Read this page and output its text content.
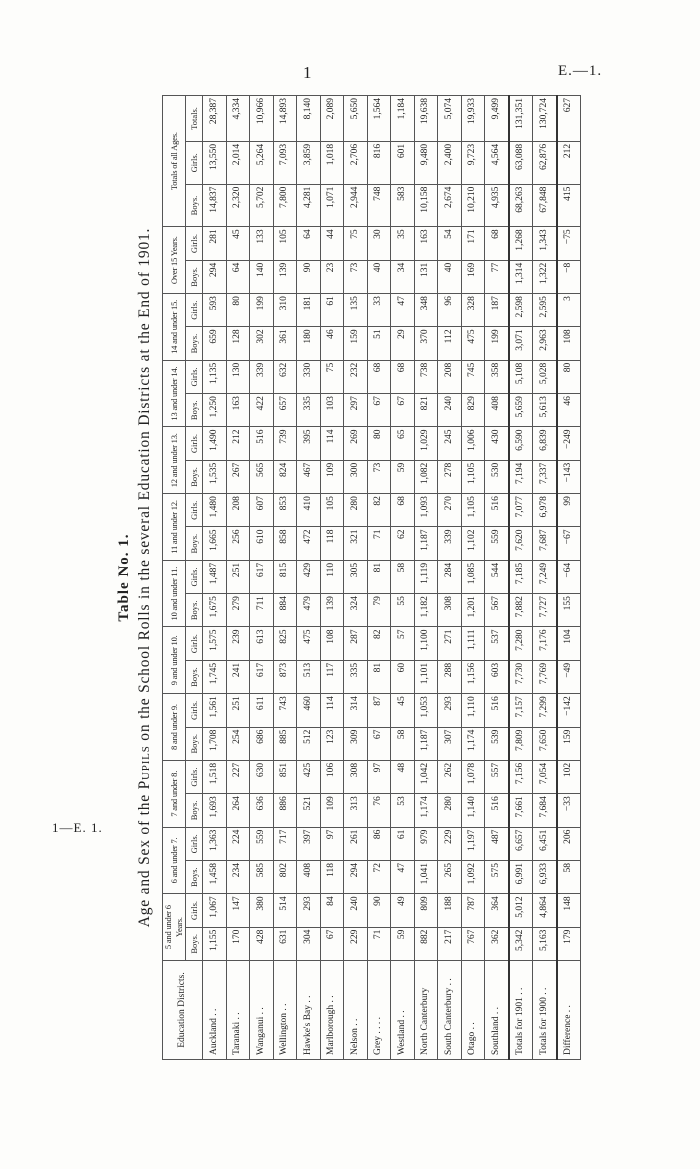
1	E.—1.
1—E. 1.
Table No. 1.
Age and Sex of the Pupils on the School Rolls in the several Education Districts at the End of 1901.
Education Districts.	5 and under 6 Years.		6 and under 7.		7 and under 8.		8 and under 9.		9 and under 10.		10 and under 11.		11 and under 12.		12 and under 13.		13 and under 14.		14 and under 15.		Over 15 Years.		Totals of all Ages.		
	Boys.	Girls.	Boys.	Girls.	Boys.	Girls.	Boys.	Girls.	Boys.	Girls.	Boys.	Girls.	Boys.	Girls.	Boys.	Girls.	Boys.	Girls.	Boys.	Girls.	Boys.	Girls.	Boys.	Girls.	Totals.
Auckland . .	1,155	1,067	1,458	1,363	1,693	1,518	1,708	1,561	1,745	1,575	1,675	1,487	1,665	1,480	1,535	1,490	1,250	1,135	659	593	294	281	14,837	13,550	28,387
Taranaki . .	170	147	234	224	264	227	254	251	241	239	279	251	256	208	267	212	163	130	128	80	64	45	2,320	2,014	4,334
Wanganui . .	428	380	585	559	636	630	686	611	617	613	711	617	610	607	565	516	422	339	302	199	140	133	5,702	5,264	10,966
Wellington . .	631	514	802	717	886	851	885	743	873	825	884	815	858	853	824	739	657	632	361	310	139	105	7,800	7,093	14,893
Hawke's Bay . .	304	293	408	397	521	425	512	460	513	475	479	429	472	410	467	395	335	330	180	181	90	64	4,281	3,859	8,140
Marlborough . .	67	84	118	97	109	106	123	114	117	108	139	110	118	105	109	114	103	75	46	61	23	44	1,071	1,018	2,089
Nelson . .	229	240	294	261	313	308	309	314	335	287	324	305	321	280	300	269	297	232	159	135	73	75	2,944	2,706	5,650
Grey . . . .	71	90	72	86	76	97	67	87	81	82	79	81	71	82	73	80	67	68	51	33	40	30	748	816	1,564
Westland . .	59	49	47	61	53	48	58	45	60	57	55	58	62	68	59	65	67	68	29	47	34	35	583	601	1,184
North Canterbury	882	809	1,041	979	1,174	1,042	1,187	1,053	1,101	1,100	1,182	1,119	1,187	1,093	1,082	1,029	821	738	370	348	131	163	10,158	9,480	19,638
South Canterbury . .	217	188	265	229	280	262	307	293	288	271	308	284	339	270	278	245	240	208	112	96	40	54	2,674	2,400	5,074
Otago . .	767	787	1,092	1,197	1,140	1,078	1,174	1,110	1,156	1,111	1,201	1,085	1,102	1,105	1,105	1,006	829	745	475	328	169	171	10,210	9,723	19,933
Southland . .	362	364	575	487	516	557	539	516	603	537	567	544	559	516	530	430	408	358	199	187	77	68	4,935	4,564	9,499
Totals for 1901 . .	5,342	5,012	6,991	6,657	7,661	7,156	7,809	7,157	7,730	7,280	7,882	7,185	7,620	7,077	7,194	6,590	5,659	5,108	3,071	2,598	1,314	1,268	68,263	63,088	131,351
Totals for 1900 . .	5,163	4,864	6,933	6,451	7,684	7,054	7,650	7,299	7,769	7,176	7,727	7,249	7,687	6,978	7,337	6,839	5,613	5,028	2,963	2,595	1,322	1,343	67,848	62,876	130,724
Difference . .	179	148	58	206	−33	102	159	−142	−49	104	155	−64	−67	99	−143	−249	46	80	108	3	−8	−75	415	212	627
